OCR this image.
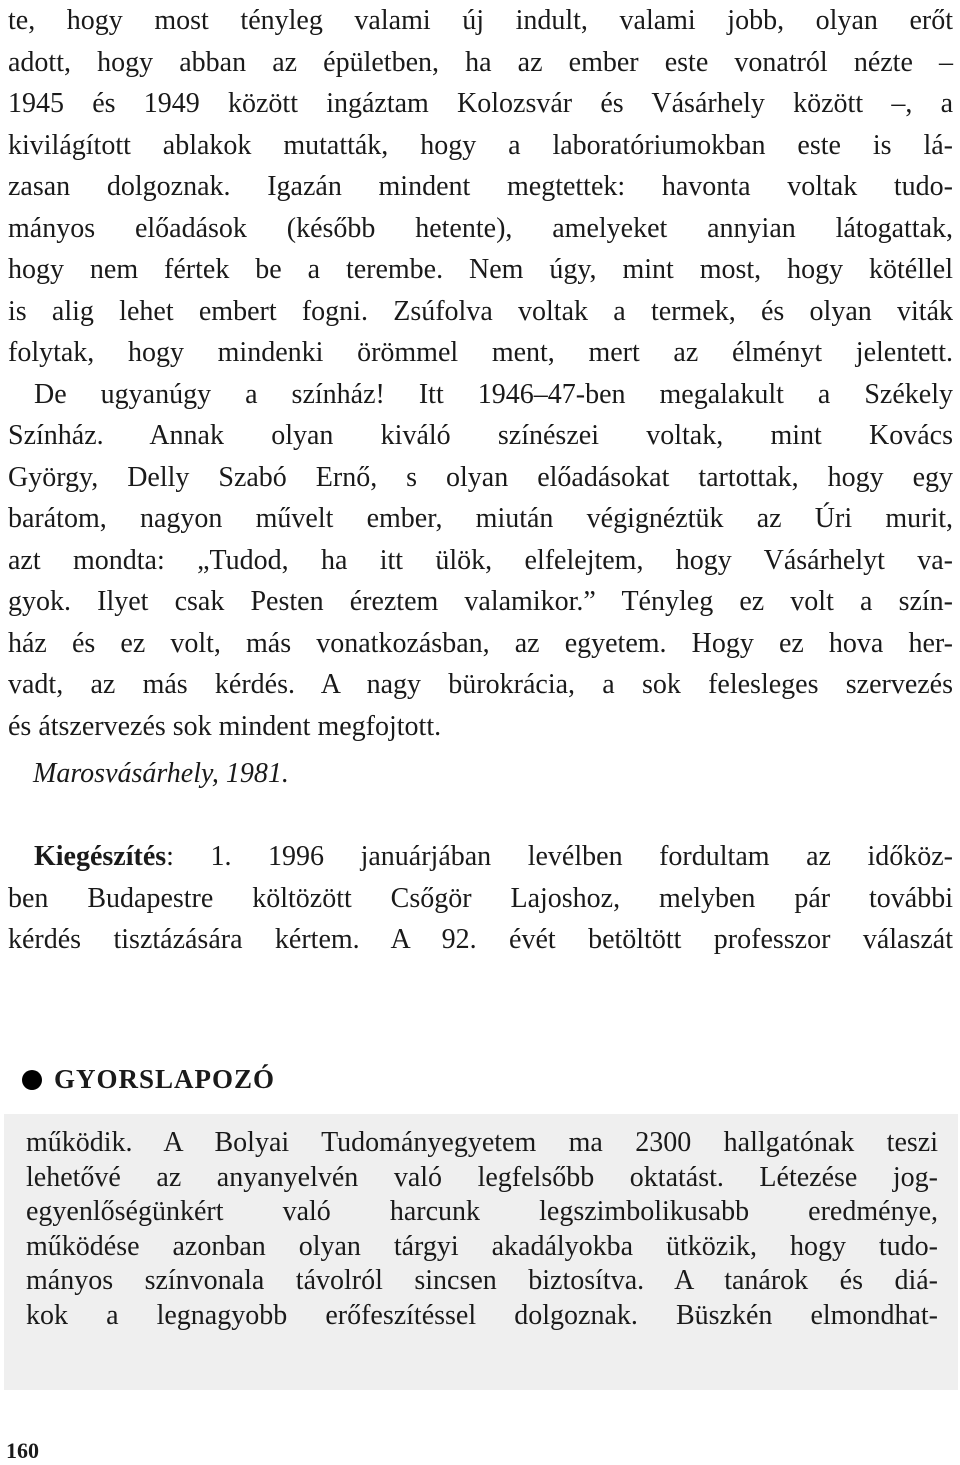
te, hogy most tényleg valami új indult, valami jobb, olyan erőt
adott, hogy abban az épületben, ha az ember este vonatról nézte –
1945 és 1949 között ingáztam Kolozsvár és Vásárhely között –, a
kivilágított ablakok mutatták, hogy a laboratóriumokban este is lá-
zasan dolgoznak. Igazán mindent megtettek: havonta voltak tudo-
mányos előadások (később hetente), amelyeket annyian látogattak,
hogy nem fértek be a terembe. Nem úgy, mint most, hogy kötéllel
is alig lehet embert fogni. Zsúfolva voltak a termek, és olyan viták
folytak, hogy mindenki örömmel ment, mert az élményt jelentett.
De ugyanúgy a színház! Itt 1946–47-ben megalakult a Székely
Színház. Annak olyan kiváló színészei voltak, mint Kovács
György, Delly Szabó Ernő, s olyan előadásokat tartottak, hogy egy
barátom, nagyon művelt ember, miután végignéztük az Úri murit,
azt mondta: „Tudod, ha itt ülök, elfelejtem, hogy Vásárhelyt va-
gyok. Ilyet csak Pesten éreztem valamikor.” Tényleg ez volt a szín-
ház és ez volt, más vonatkozásban, az egyetem. Hogy ez hova her-
vadt, az más kérdés. A nagy bürokrácia, a sok felesleges szervezés
és átszervezés sok mindent megfojtott.
Marosvásárhely, 1981.
Kiegészítés: 1. 1996 januárjában levélben fordultam az időköz-
ben Budapestre költözött Csőgör Lajoshoz, melyben pár további
kérdés tisztázására kértem. A 92. évét betöltött professzor válaszát
GYORSLAPOZÓ
működik. A Bolyai Tudományegyetem ma 2300 hallgatónak teszi
lehetővé az anyanyelvén való legfelsőbb oktatást. Létezése jog-
egyenlőségünkért való harcunk legszimbolikusabb eredménye,
működése azonban olyan tárgyi akadályokba ütközik, hogy tudo-
mányos színvonala távolról sincsen biztosítva. A tanárok és diá-
kok a legnagyobb erőfeszítéssel dolgoznak. Büszkén elmondhat-
160
